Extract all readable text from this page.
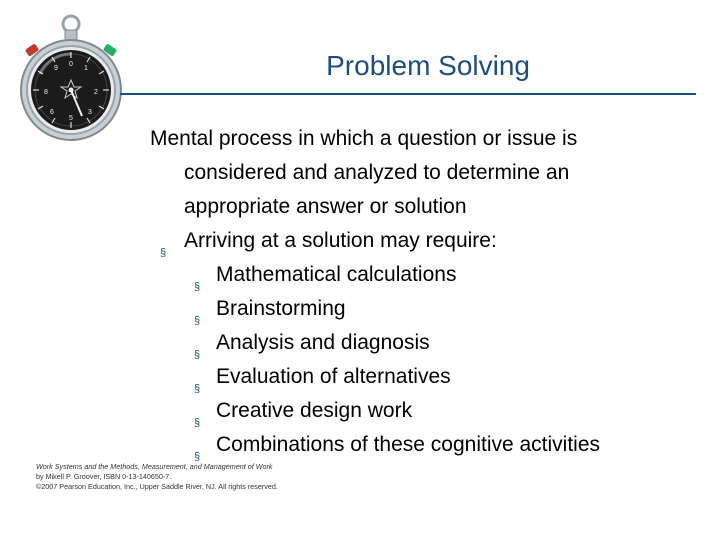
0
1
2
3
5
6
8
9	Problem Solving
Mental process in which a question or issue is
considered and analyzed to determine an
appropriate answer or solution
§
Arriving at a solution may require:
§
Mathematical calculations
§
Brainstorming
§
Analysis and diagnosis
§
Evaluation of alternatives
§
Creative design work
§
Combinations of these cognitive activities
Work Systems and the Methods, Measurement, and Management of Work
by Mikell P. Groover, ISBN 0-13-140650-7.
©2007 Pearson Education, Inc., Upper Saddle River, NJ. All rights reserved.
